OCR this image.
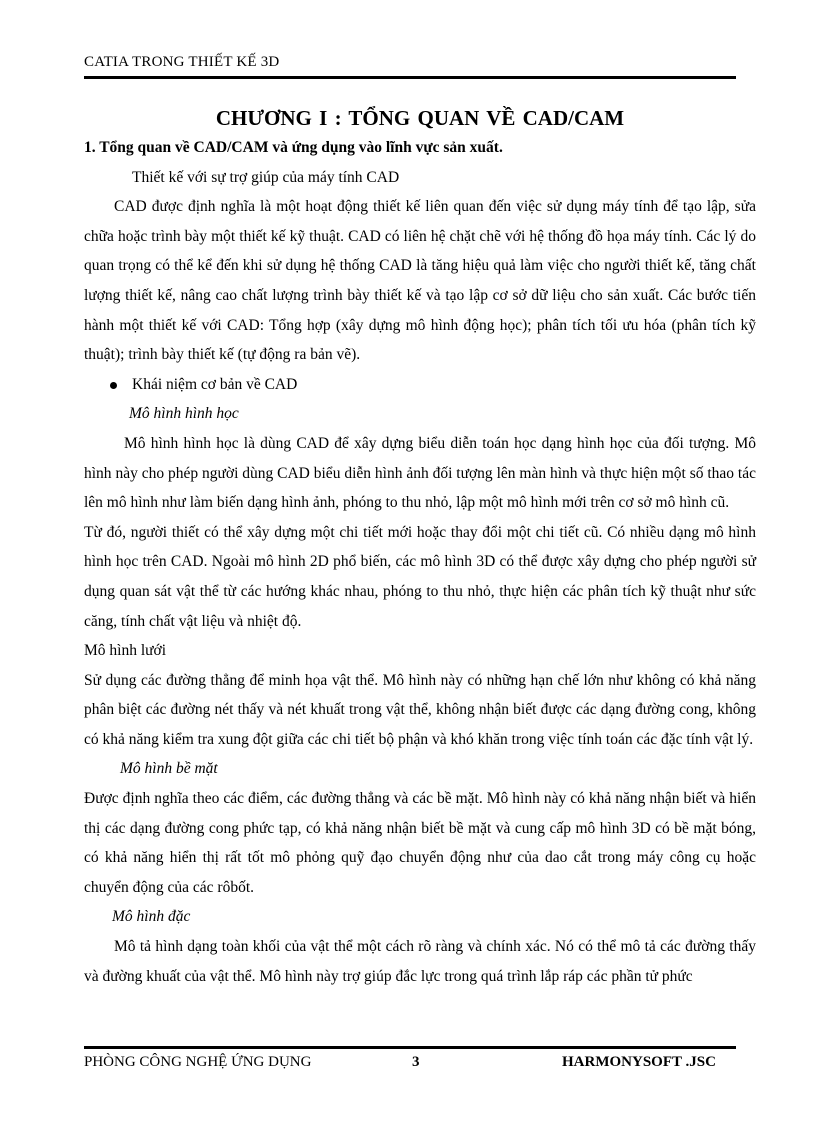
CATIA TRONG THIẾT KẾ 3D
CHƯƠNG I : TỔNG QUAN VỀ CAD/CAM

1. Tổng quan về CAD/CAM và ứng dụng vào lĩnh vực sản xuất.

Thiết kế với sự trợ giúp của máy tính CAD

CAD được định nghĩa là một hoạt động thiết kế liên quan đến việc sử dụng máy tính để tạo lập, sửa chữa hoặc trình bày một thiết kế kỹ thuật. CAD có liên hệ chặt chẽ với hệ thống đồ họa máy tính. Các lý do quan trọng có thể kể đến khi sử dụng hệ thống CAD là tăng hiệu quả làm việc cho người thiết kế, tăng chất lượng thiết kế, nâng cao chất lượng trình bày thiết kế và tạo lập cơ sở dữ liệu cho sản xuất. Các bước tiến hành một thiết kế với CAD: Tổng hợp (xây dựng mô hình động học); phân tích tối ưu hóa (phân tích kỹ thuật); trình bày thiết kế (tự động ra bản vẽ).

Khái niệm cơ bản về CAD

Mô hình hình học

Mô hình hình học là dùng CAD để xây dựng biểu diễn toán học dạng hình học của đối tượng. Mô hình này cho phép người dùng CAD biểu diễn hình ảnh đối tượng lên màn hình và thực hiện một số thao tác lên mô hình như làm biến dạng hình ảnh, phóng to thu nhỏ, lập một mô hình mới trên cơ sở mô hình cũ.

Từ đó, người thiết có thể xây dựng một chi tiết mới hoặc thay đổi một chi tiết cũ. Có nhiều dạng mô hình hình học trên CAD. Ngoài mô hình 2D phổ biến, các mô hình 3D có thể được xây dựng cho phép người sử dụng quan sát vật thể từ các hướng khác nhau, phóng to thu nhỏ, thực hiện các phân tích kỹ thuật như sức căng, tính chất vật liệu và nhiệt độ.

Mô hình lưới

Sử dụng các đường thẳng để minh họa vật thể. Mô hình này có những hạn chế lớn như không có khả năng phân biệt các đường nét thấy và nét khuất trong vật thể, không nhận biết được các dạng đường cong, không có khả năng kiểm tra xung đột giữa các chi tiết bộ phận và khó khăn trong việc tính toán các đặc tính vật lý.

Mô hình bề mặt

Được định nghĩa theo các điểm, các đường thẳng và các bề mặt. Mô hình này có khả năng nhận biết và hiển thị các dạng đường cong phức tạp, có khả năng nhận biết bề mặt và cung cấp mô hình 3D có bề mặt bóng, có khả năng hiển thị rất tốt mô phỏng quỹ đạo chuyển động như của dao cắt trong máy công cụ hoặc chuyển động của các rôbốt.

Mô hình đặc

Mô tả hình dạng toàn khối của vật thể một cách rõ ràng và chính xác. Nó có thể mô tả các đường thấy và đường khuất của vật thể. Mô hình này trợ giúp đắc lực trong quá trình lắp ráp các phần tử phức

PHÒNG CÔNG NGHỆ ỨNG DỤNG	3	HARMONYSOFT .JSC
